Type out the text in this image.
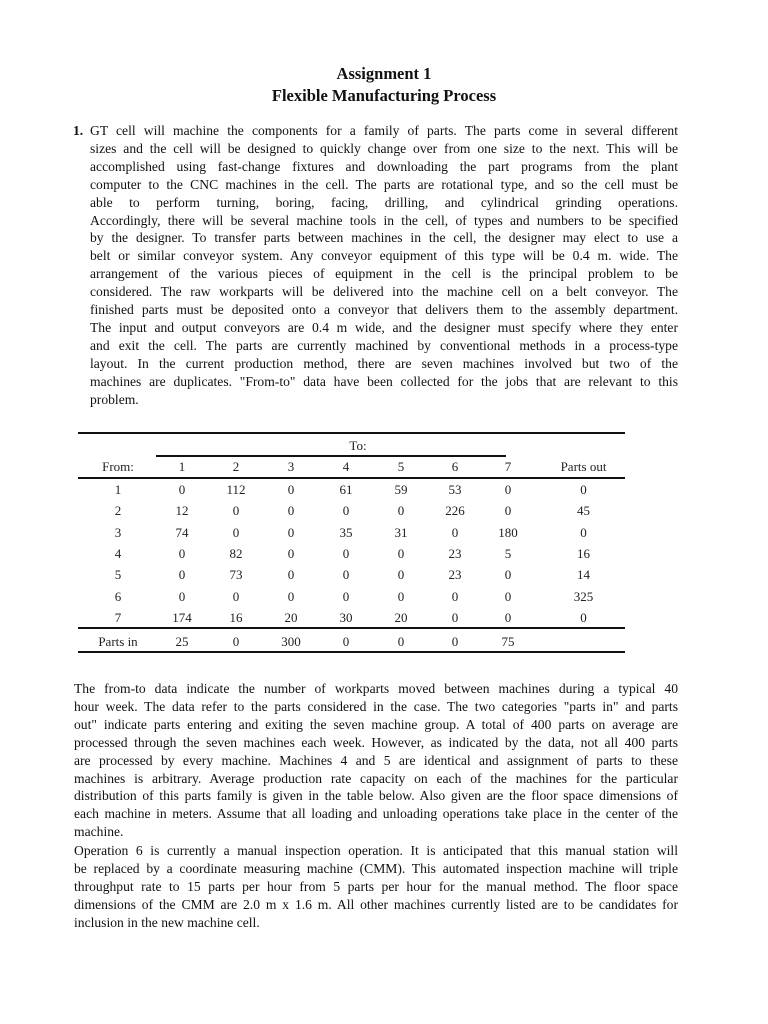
Assignment 1
Flexible Manufacturing Process
1. GT cell will machine the components for a family of parts. The parts come in several different
sizes and the cell will be designed to quickly change over from one size to the next. This will be
accomplished using fast-change fixtures and downloading the part programs from the plant
computer to the CNC machines in the cell. The parts are rotational type, and so the cell must be
able to perform turning, boring, facing, drilling, and cylindrical grinding operations.
Accordingly, there will be several machine tools in the cell, of types and numbers to be specified
by the designer. To transfer parts between machines in the cell, the designer may elect to use a
belt or similar conveyor system. Any conveyor equipment of this type will be 0.4 m. wide. The
arrangement of the various pieces of equipment in the cell is the principal problem to be
considered. The raw workparts will be delivered into the machine cell on a belt conveyor. The
finished parts must be deposited onto a conveyor that delivers them to the assembly department.
The input and output conveyors are 0.4 m wide, and the designer must specify where they enter
and exit the cell. The parts are currently machined by conventional methods in a process-type
layout. In the current production method, there are seven machines involved but two of the
machines are duplicates. "From-to" data have been collected for the jobs that are relevant to this
problem.
To:
From:	1	2	3	4	5	6	7	Parts out
1	0	112	0	61	59	53	0	0
2	12	0	0	0	0	226	0	45
3	74	0	0	35	31	0	180	0
4	0	82	0	0	0	23	5	16
5	0	73	0	0	0	23	0	14
6	0	0	0	0	0	0	0	325
7	174	16	20	30	20	0	0	0
Parts in	25	0	300	0	0	0	75
The from-to data indicate the number of workparts moved between machines during a typical 40
hour week. The data refer to the parts considered in the case. The two categories "parts in" and parts
out" indicate parts entering and exiting the seven machine group. A total of 400 parts on average are
processed through the seven machines each week. However, as indicated by the data, not all 400 parts
are processed by every machine. Machines 4 and 5 are identical and assignment of parts to these
machines is arbitrary. Average production rate capacity on each of the machines for the particular
distribution of this parts family is given in the table below. Also given are the floor space dimensions of
each machine in meters. Assume that all loading and unloading operations take place in the center of the
machine.
Operation 6 is currently a manual inspection operation. It is anticipated that this manual station will
be replaced by a coordinate measuring machine (CMM). This automated inspection machine will triple
throughput rate to 15 parts per hour from 5 parts per hour for the manual method. The floor space
dimensions of the CMM are 2.0 m x 1.6 m. All other machines currently listed are to be candidates for
inclusion in the new machine cell.
